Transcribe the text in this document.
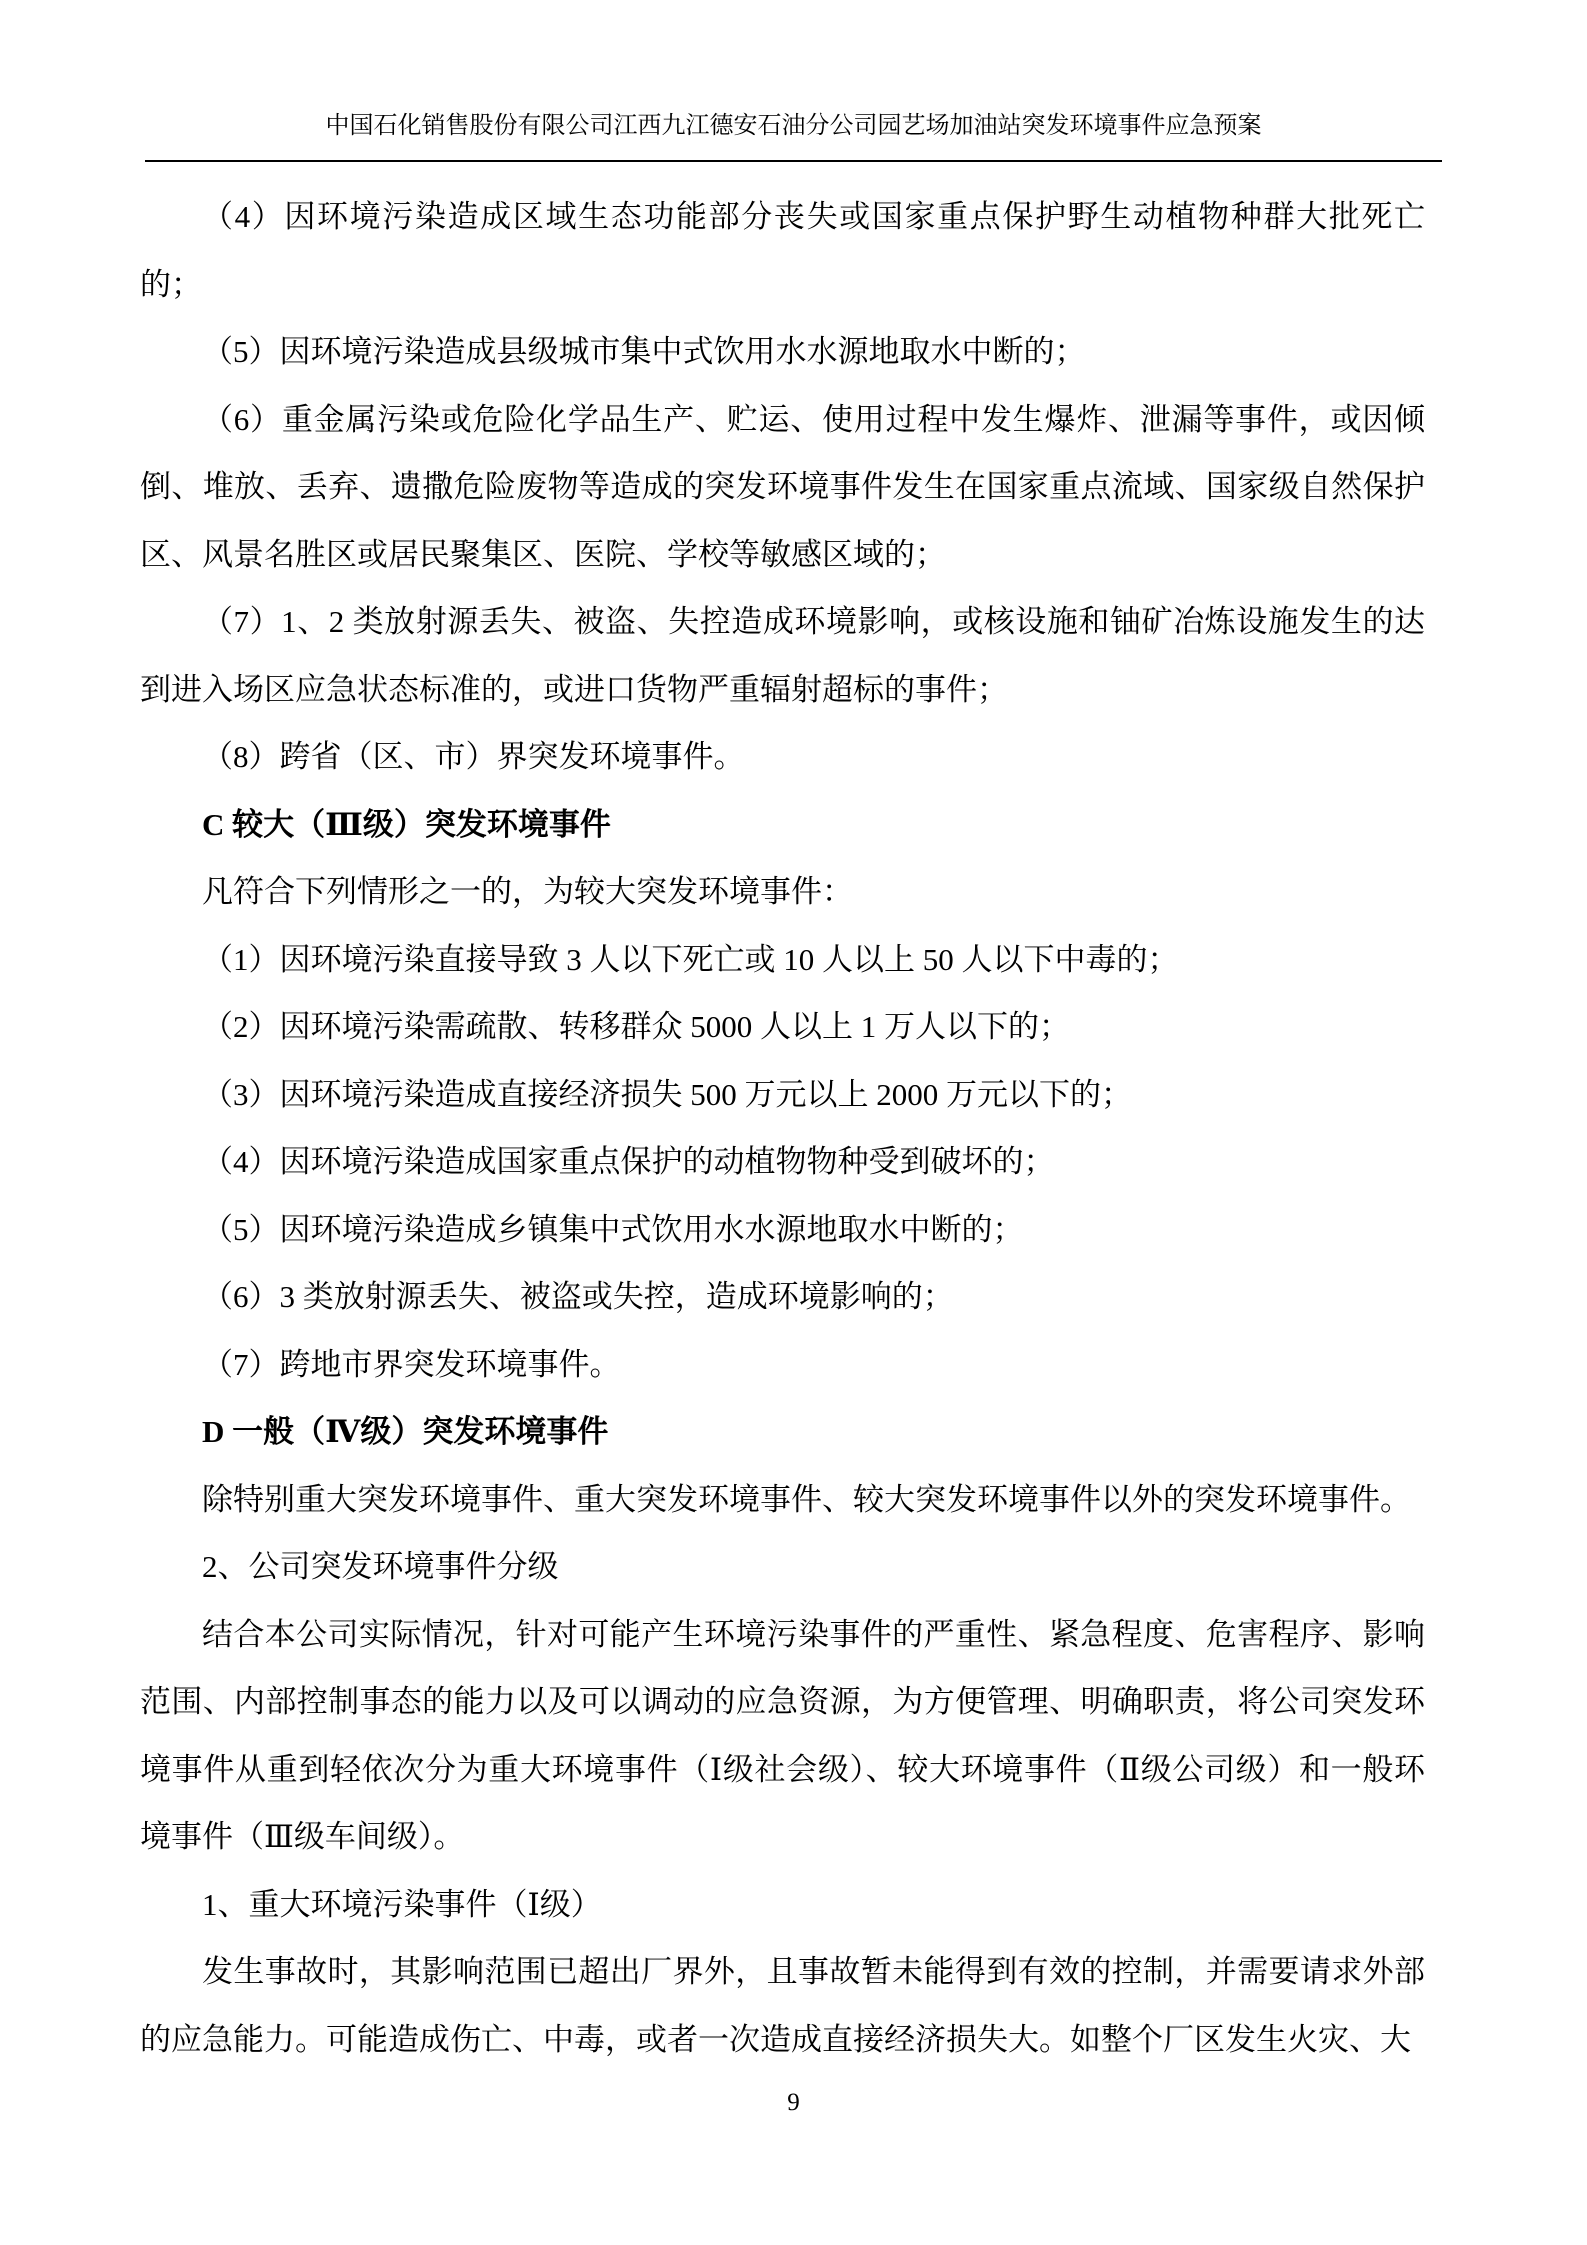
中国石化销售股份有限公司江西九江德安石油分公司园艺场加油站突发环境事件应急预案

（4）因环境污染造成区域生态功能部分丧失或国家重点保护野生动植物种群大批死亡的；

（5）因环境污染造成县级城市集中式饮用水水源地取水中断的；

（6）重金属污染或危险化学品生产、贮运、使用过程中发生爆炸、泄漏等事件，或因倾倒、堆放、丢弃、遗撒危险废物等造成的突发环境事件发生在国家重点流域、国家级自然保护区、风景名胜区或居民聚集区、医院、学校等敏感区域的；

（7）1、2 类放射源丢失、被盗、失控造成环境影响，或核设施和铀矿冶炼设施发生的达到进入场区应急状态标准的，或进口货物严重辐射超标的事件；

（8）跨省（区、市）界突发环境事件。

C 较大（Ⅲ级）突发环境事件

凡符合下列情形之一的，为较大突发环境事件：

（1）因环境污染直接导致 3 人以下死亡或 10 人以上 50 人以下中毒的；

（2）因环境污染需疏散、转移群众 5000 人以上 1 万人以下的；

（3）因环境污染造成直接经济损失 500 万元以上 2000 万元以下的；

（4）因环境污染造成国家重点保护的动植物物种受到破坏的；

（5）因环境污染造成乡镇集中式饮用水水源地取水中断的；

（6）3 类放射源丢失、被盗或失控，造成环境影响的；

（7）跨地市界突发环境事件。

D 一般（Ⅳ级）突发环境事件

除特别重大突发环境事件、重大突发环境事件、较大突发环境事件以外的突发环境事件。

2、公司突发环境事件分级

结合本公司实际情况，针对可能产生环境污染事件的严重性、紧急程度、危害程序、影响范围、内部控制事态的能力以及可以调动的应急资源，为方便管理、明确职责，将公司突发环境事件从重到轻依次分为重大环境事件（Ⅰ级社会级）、较大环境事件（Ⅱ级公司级）和一般环境事件（Ⅲ级车间级）。

1、重大环境污染事件（Ⅰ级）

发生事故时，其影响范围已超出厂界外，且事故暂未能得到有效的控制，并需要请求外部的应急能力。可能造成伤亡、中毒，或者一次造成直接经济损失大。如整个厂区发生火灾、大

9
